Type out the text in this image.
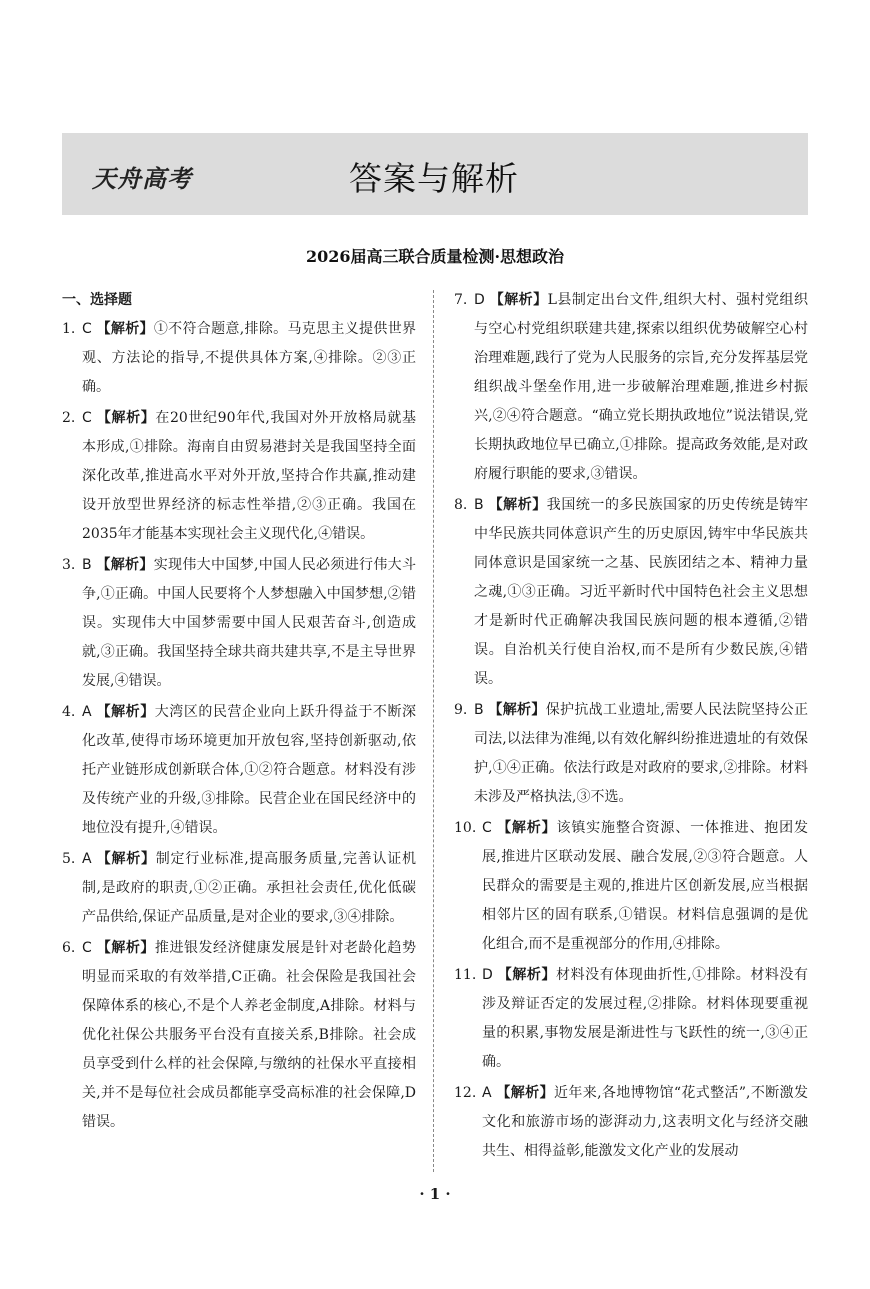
天舟高考	答案与解析
2026届高三联合质量检测·思想政治
一、选择题
1. C 【解析】①不符合题意,排除。马克思主义提供世界观、方法论的指导,不提供具体方案,④排除。②③正确。
2. C 【解析】在20世纪90年代,我国对外开放格局就基本形成,①排除。海南自由贸易港封关是我国坚持全面深化改革,推进高水平对外开放,坚持合作共赢,推动建设开放型世界经济的标志性举措,②③正确。我国在2035年才能基本实现社会主义现代化,④错误。
3. B 【解析】实现伟大中国梦,中国人民必须进行伟大斗争,①正确。中国人民要将个人梦想融入中国梦想,②错误。实现伟大中国梦需要中国人民艰苦奋斗,创造成就,③正确。我国坚持全球共商共建共享,不是主导世界发展,④错误。
4. A 【解析】大湾区的民营企业向上跃升得益于不断深化改革,使得市场环境更加开放包容,坚持创新驱动,依托产业链形成创新联合体,①②符合题意。材料没有涉及传统产业的升级,③排除。民营企业在国民经济中的地位没有提升,④错误。
5. A 【解析】制定行业标准,提高服务质量,完善认证机制,是政府的职责,①②正确。承担社会责任,优化低碳产品供给,保证产品质量,是对企业的要求,③④排除。
6. C 【解析】推进银发经济健康发展是针对老龄化趋势明显而采取的有效举措,C正确。社会保险是我国社会保障体系的核心,不是个人养老金制度,A排除。材料与优化社保公共服务平台没有直接关系,B排除。社会成员享受到什么样的社会保障,与缴纳的社保水平直接相关,并不是每位社会成员都能享受高标准的社会保障,D错误。
7. D 【解析】L县制定出台文件,组织大村、强村党组织与空心村党组织联建共建,探索以组织优势破解空心村治理难题,践行了党为人民服务的宗旨,充分发挥基层党组织战斗堡垒作用,进一步破解治理难题,推进乡村振兴,②④符合题意。“确立党长期执政地位”说法错误,党长期执政地位早已确立,①排除。提高政务效能,是对政府履行职能的要求,③错误。
8. B 【解析】我国统一的多民族国家的历史传统是铸牢中华民族共同体意识产生的历史原因,铸牢中华民族共同体意识是国家统一之基、民族团结之本、精神力量之魂,①③正确。习近平新时代中国特色社会主义思想才是新时代正确解决我国民族问题的根本遵循,②错误。自治机关行使自治权,而不是所有少数民族,④错误。
9. B 【解析】保护抗战工业遗址,需要人民法院坚持公正司法,以法律为准绳,以有效化解纠纷推进遗址的有效保护,①④正确。依法行政是对政府的要求,②排除。材料未涉及严格执法,③不选。
10. C 【解析】该镇实施整合资源、一体推进、抱团发展,推进片区联动发展、融合发展,②③符合题意。人民群众的需要是主观的,推进片区创新发展,应当根据相邻片区的固有联系,①错误。材料信息强调的是优化组合,而不是重视部分的作用,④排除。
11. D 【解析】材料没有体现曲折性,①排除。材料没有涉及辩证否定的发展过程,②排除。材料体现要重视量的积累,事物发展是渐进性与飞跃性的统一,③④正确。
12. A 【解析】近年来,各地博物馆“花式整活”,不断激发文化和旅游市场的澎湃动力,这表明文化与经济交融共生、相得益彰,能激发文化产业的发展动
· 1 ·
